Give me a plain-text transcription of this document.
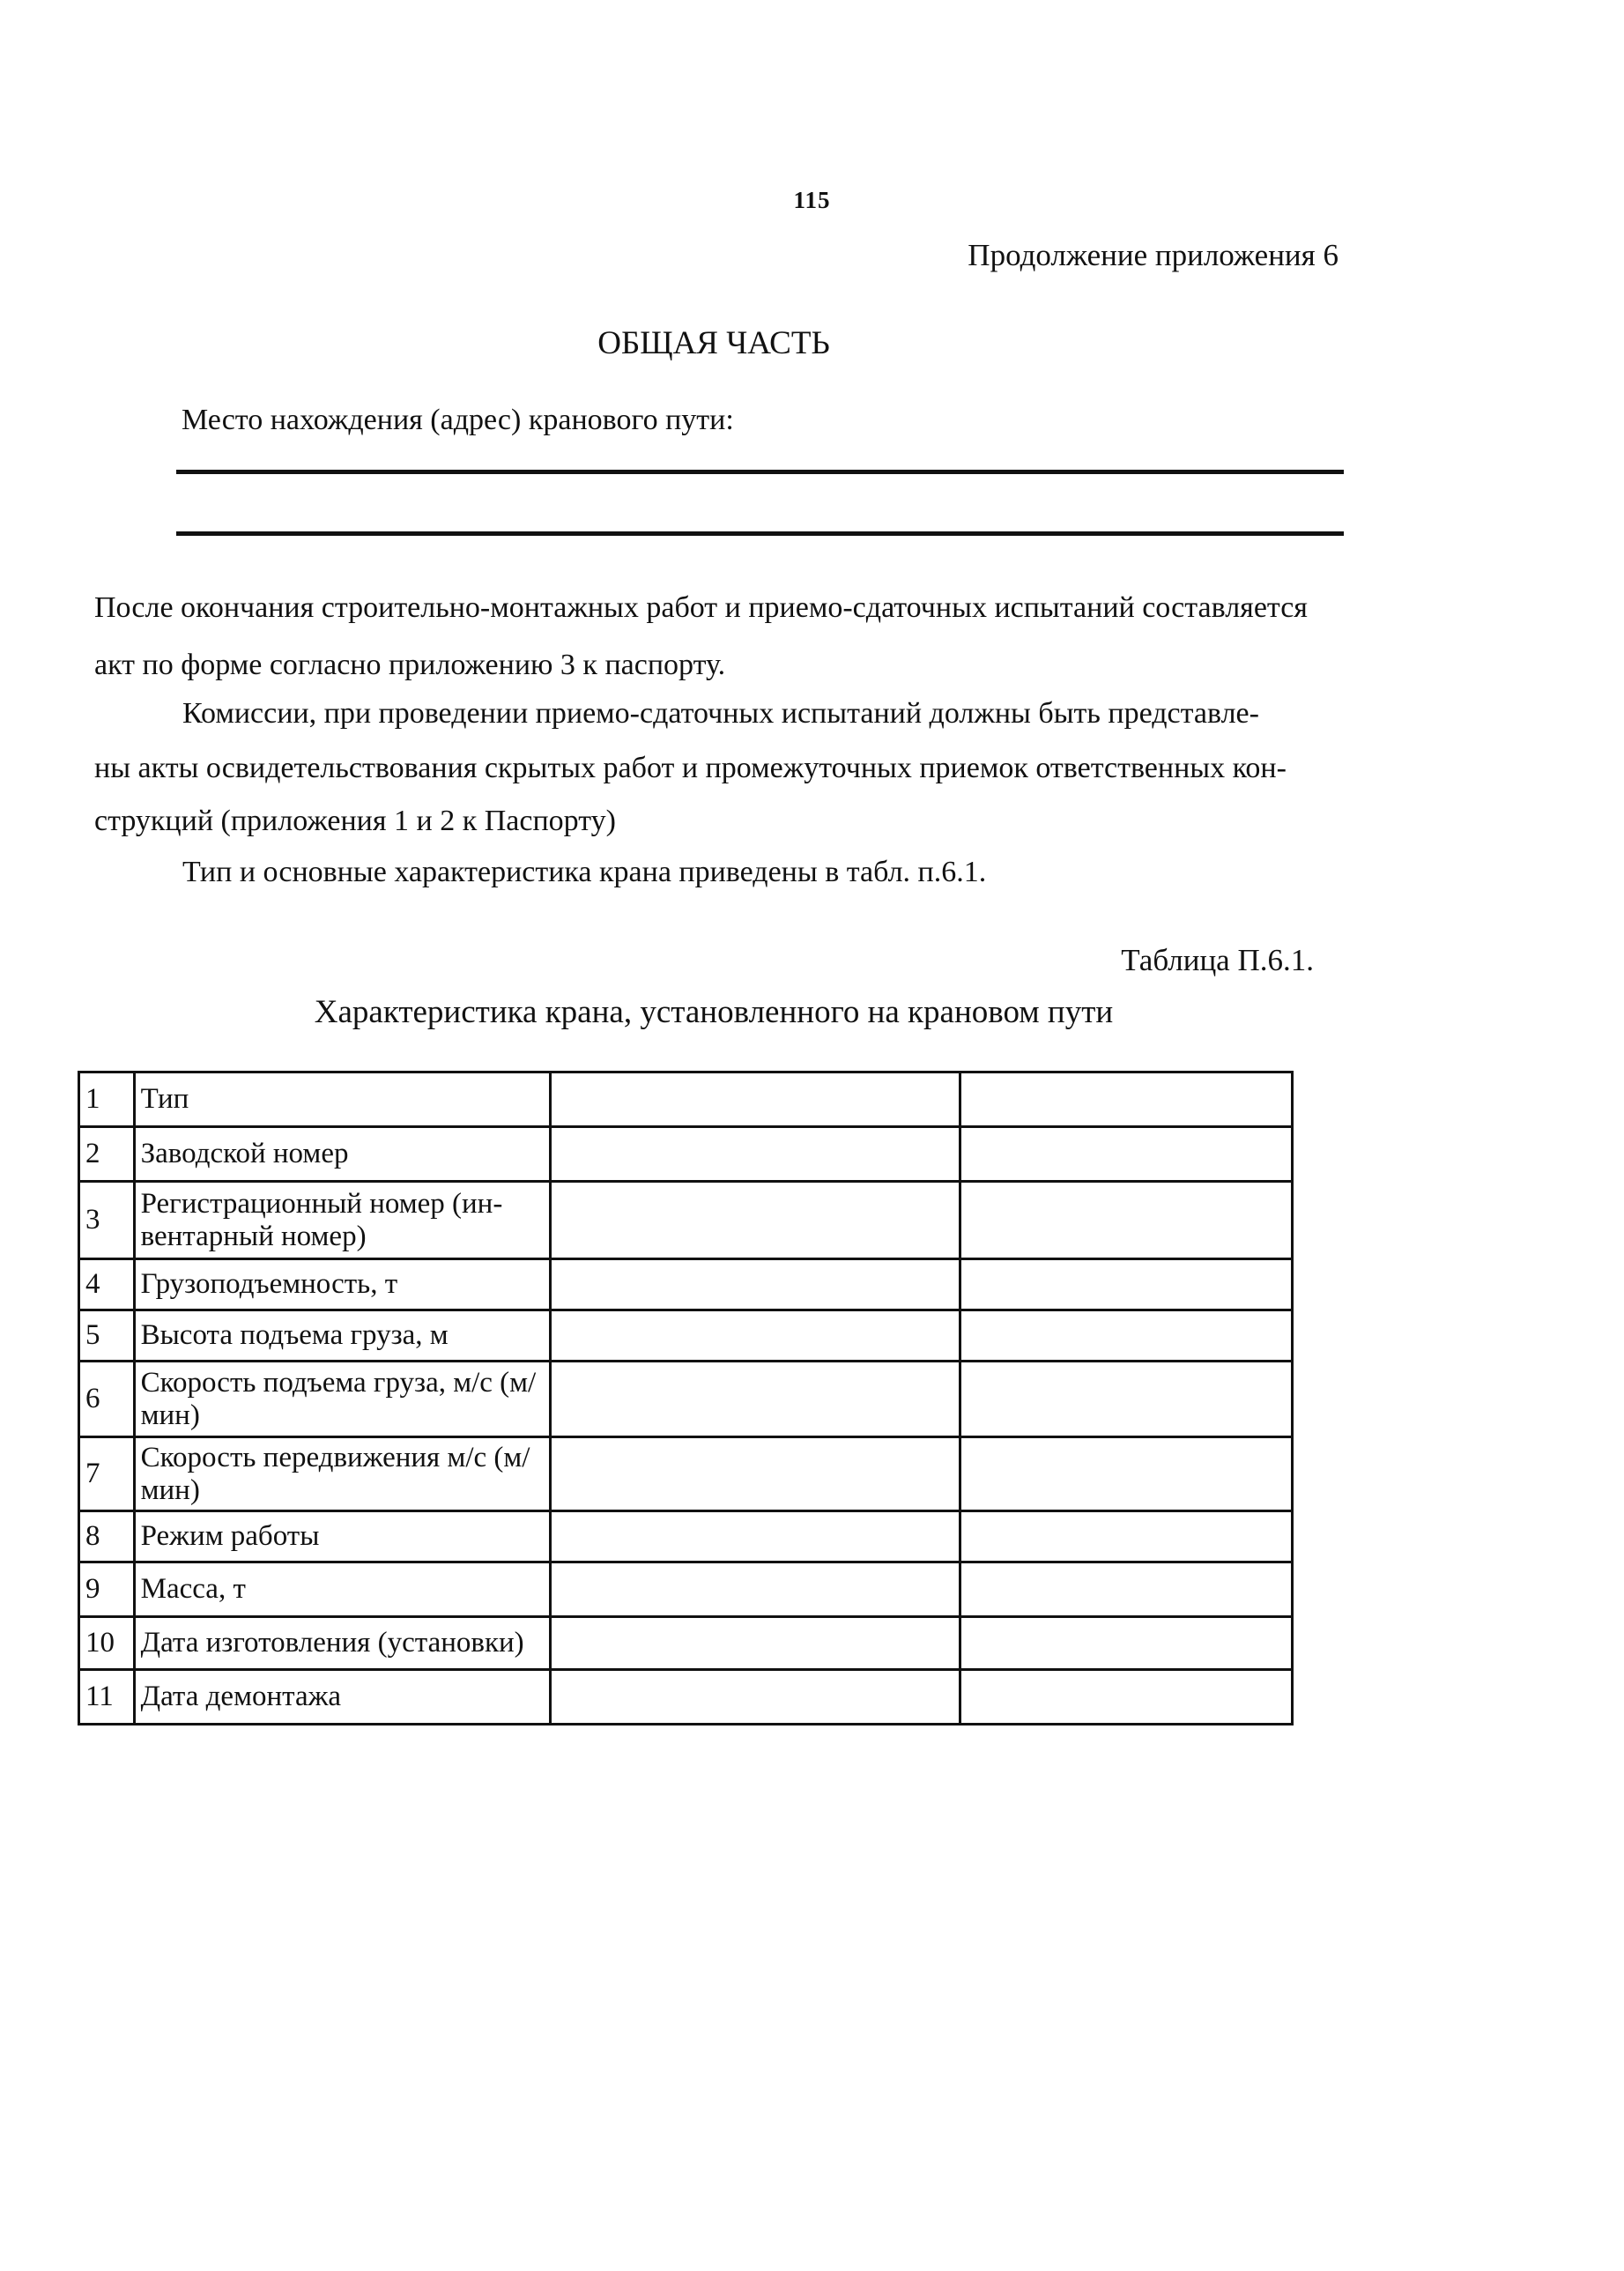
115
Продолжение приложения 6
ОБЩАЯ ЧАСТЬ
Место нахождения (адрес) кранового пути:
После окончания строительно-монтажных работ и приемо-сдаточных испытаний составляется
акт по форме согласно приложению 3 к паспорту.
Комиссии, при проведении приемо-сдаточных испытаний должны быть представле-
ны акты освидетельствования скрытых работ и промежуточных приемок ответственных кон-
струкций (приложения 1 и 2 к Паспорту)
Тип и основные характеристика крана приведены в табл. п.6.1.
Таблица П.6.1.
Характеристика крана, установленного на крановом пути
1	Тип		
2	Заводской номер		
3	Регистрационный номер (ин-вентарный номер)		
4	Грузоподъемность, т		
5	Высота подъема груза, м		
6	Скорость подъема груза, м/с (м/мин)		
7	Скорость передвижения м/с (м/мин)		
8	Режим работы		
9	Масса, т		
10	Дата изготовления (установки)		
11	Дата демонтажа		
